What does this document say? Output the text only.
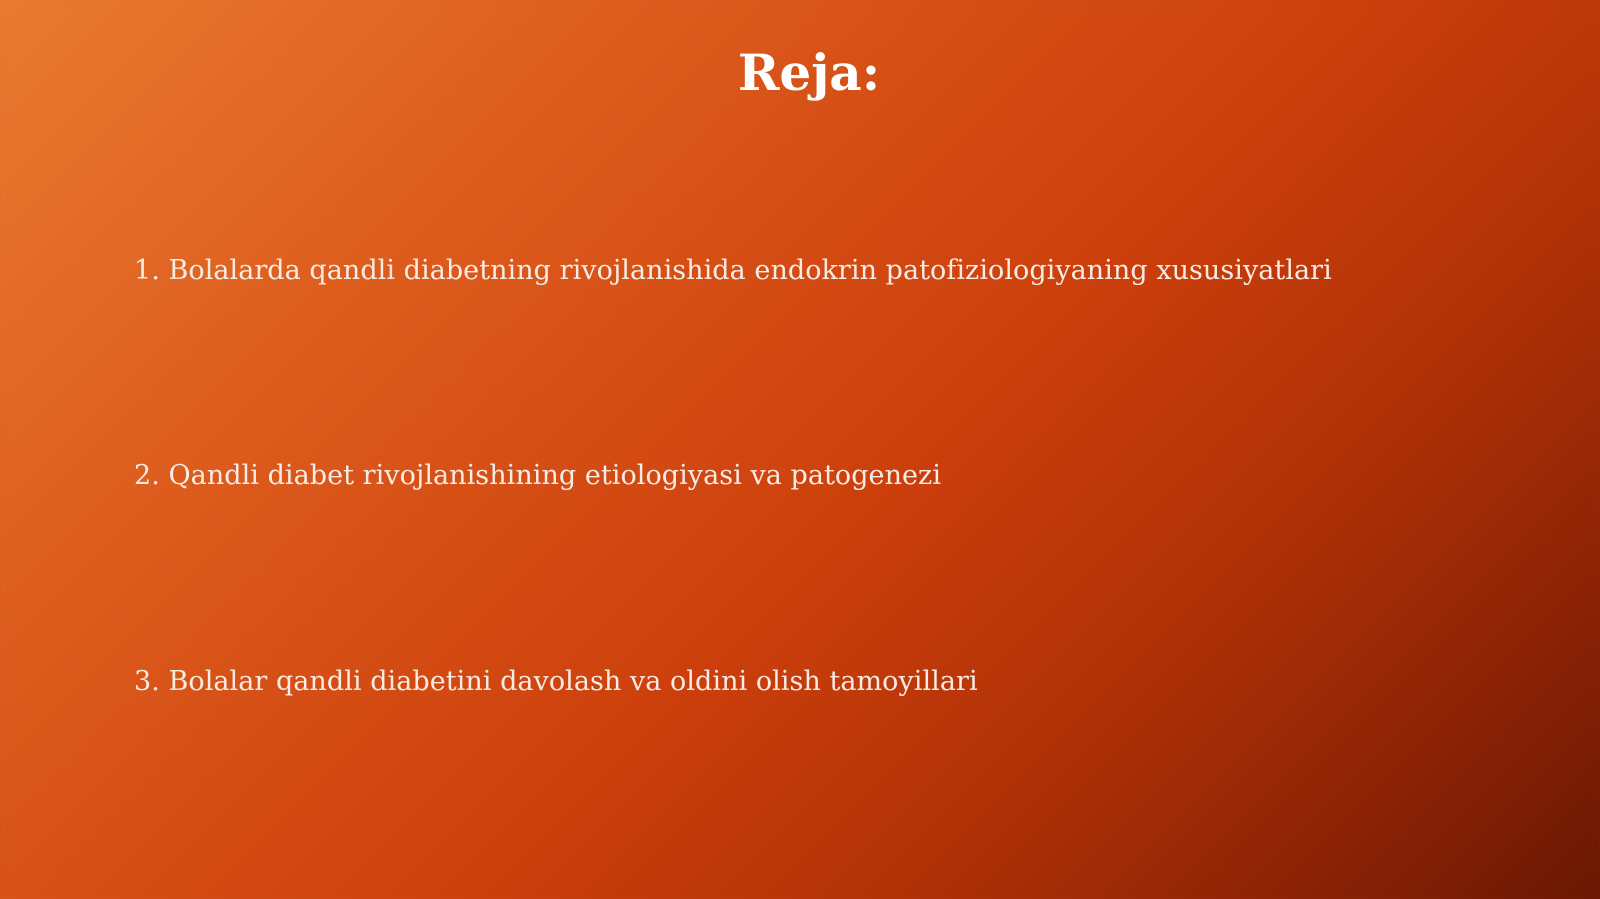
Reja:
1. Bolalarda qandli diabetning rivojlanishida endokrin patofiziologiyaning xususiyatlari
2. Qandli diabet rivojlanishining etiologiyasi va patogenezi
3. Bolalar qandli diabetini davolash va oldini olish tamoyillari
